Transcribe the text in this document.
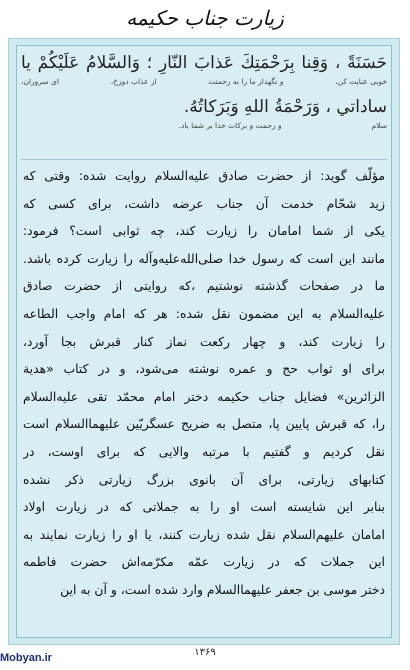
زیارت جناب حکیمه
حَسَنَةً ، وَقِنا بِرَحْمَتِكَ عَذابَ النّارِ ؛ وَالسَّلامُ عَلَيْكُمْ يا
خوبی عنایت کن،
و نگهدار ما را به رحمتت
از عذاب دوزخ،
ای سروران،
ساداتي ، وَرَحْمَةُ اللهِ وَبَرَكاتُهُ.
سلام
و رحمت و برکات خدا بر شما باد.
مؤلّف گوید: از حضرت صادق عليه‌السلام روایت شده: وقتی که
زید شحّام خدمت آن جناب عرضه داشت، برای کسی که
یکی از شما امامان را زیارت کند، چه ثوابی است؟ فرمود:
مانند این است که رسول خدا صلى‌الله‌عليه‌وآله را زیارت کرده باشد.
ما در صفحات گذشته نوشتیم ،که روایتی از حضرت صادق
عليه‌السلام به این مضمون نقل شده: هر که امام واجب الطاعه
را زیارت کند، و چهار رکعت نماز کنار قبرش بجا آورد،
برای او ثواب حج و عمره نوشته می‌شود، و در کتاب «هدیة
الزائرین» فضایل جناب حکیمه دختر امام محمّد تقی عليه‌السلام
را، که قبرش پایین پا، متصل به ضریح عسگریّین عليهما‌السلام است
نقل کردیم و گفتیم با مرتبه والایی که برای اوست، در
کتابهای زیارتی، برای آن بانوی بزرگ زیارتی ذکر نشده
بنابر این شایسته است او را به جملاتی که در زیارت اولاد
امامان عليهم‌السلام نقل شده زیارت کنند، یا او را زیارت نمایند به
این جملات که در زیارت عمّه مکرّمه‌اش حضرت فاطمه
دختر موسی بن جعفر عليهما‌السلام وارد شده است، و آن به این
۱۳۶۹
Mobyan.ir
